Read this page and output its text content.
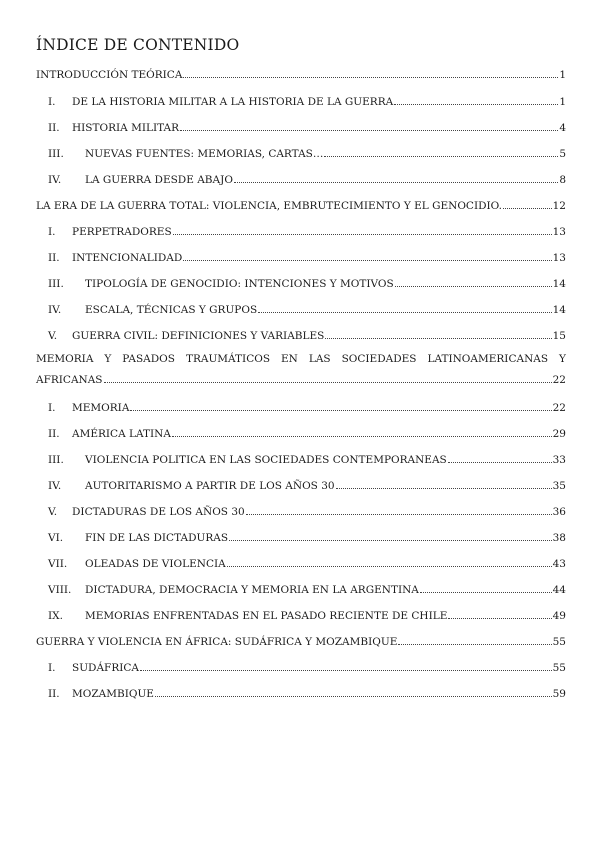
ÍNDICE DE CONTENIDO
INTRODUCCIÓN TEÓRICA	1
I.	DE LA HISTORIA MILITAR A LA HISTORIA DE LA GUERRA	1
II.	HISTORIA MILITAR	4
III.	NUEVAS FUENTES: MEMORIAS, CARTAS…	5
IV.	LA GUERRA DESDE ABAJO	8
LA ERA DE LA GUERRA TOTAL: VIOLENCIA, EMBRUTECIMIENTO Y EL GENOCIDIO.	12
I.	PERPETRADORES	13
II.	INTENCIONALIDAD	13
III.	TIPOLOGÍA DE GENOCIDIO: INTENCIONES Y MOTIVOS	14
IV.	ESCALA, TÉCNICAS Y GRUPOS	14
V.	GUERRA CIVIL: DEFINICIONES Y VARIABLES	15
MEMORIA Y PASADOS TRAUMÁTICOS EN LAS SOCIEDADES LATINOAMERICANAS Y
AFRICANAS	22
I.	MEMORIA	22
II.	AMÉRICA LATINA	29
III.	VIOLENCIA POLITICA EN LAS SOCIEDADES CONTEMPORANEAS	33
IV.	AUTORITARISMO A PARTIR DE LOS AÑOS 30	35
V.	DICTADURAS DE LOS AÑOS 30	36
VI.	FIN DE LAS DICTADURAS	38
VII.	OLEADAS DE VIOLENCIA	43
VIII.	DICTADURA, DEMOCRACIA Y MEMORIA EN LA ARGENTINA	44
IX.	MEMORIAS ENFRENTADAS EN EL PASADO RECIENTE DE CHILE	49
GUERRA Y VIOLENCIA EN ÁFRICA: SUDÁFRICA Y MOZAMBIQUE	55
I.	SUDÁFRICA	55
II.	MOZAMBIQUE	59
